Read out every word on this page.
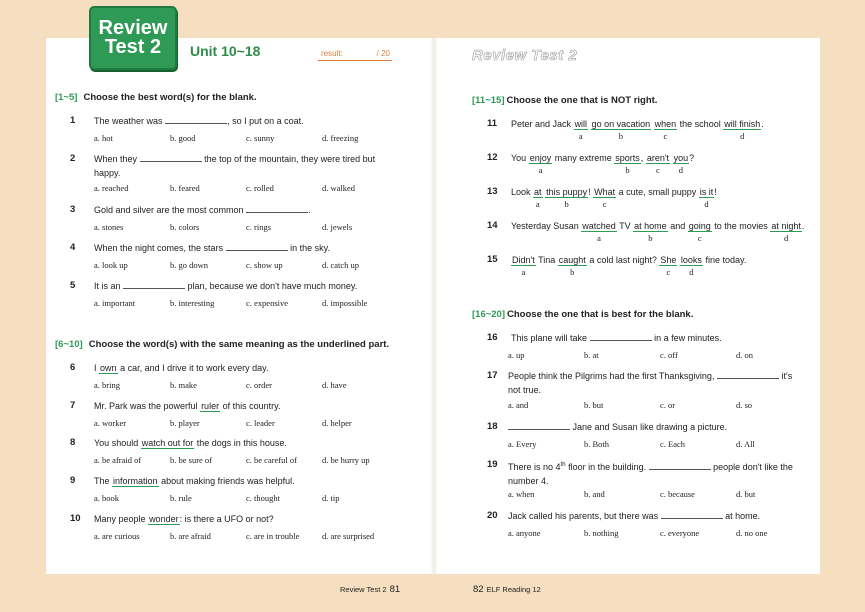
Review
Test 2	Unit 10~18	result:	/ 20	Review Test 2
[1~5] Choose the best word(s) for the blank.
1	The weather was	, so I put on a coat.
a. hot	b. good	c. sunny	d. freezing
2	When they	the top of the mountain, they were tired but
happy.
a. reached	b. feared	c. rolled	d. walked
3	Gold and silver are the most common	.
a. stones	b. colors	c. rings	d. jewels
4	When the night comes, the stars	in the sky.
a. look up	b. go down	c. show up	d. catch up
5	It is an	plan, because we don't have much money.
a. important	b. interesting	c. expensive	d. impossible
[6~10] Choose the word(s) with the same meaning as the underlined part.
6	I own a car, and I drive it to work every day.
a. bring	b. make	c. order	d. have
7	Mr. Park was the powerful ruler of this country.
a. worker	b. player	c. leader	d. helper
8	You should watch out for the dogs in this house.
a. be afraid of	b. be sure of	c. be careful of	d. be hurry up
9	The information about making friends was helpful.
a. book	b. rule	c. thought	d. tip
10	Many people wonder: is there a UFO or not?
a. are curious	b. are afraid	c. are in trouble	d. are surprised
[11~15] Choose the one that is NOT right.
11	Peter and Jack will
a
go on vacation
b
when
c
the school will finish
d
.
12	You enjoy
a
many extreme sports
b
, aren't
c
you
d
?
13	Look $\frac{at}{a}$ this puppy
b
! What
c
a cute, small puppy $\frac{\text{is it}}{d}$ !
14	Yesterday Susan watched
a
TV at home
b
and going
c
to the movies at night
d
.
15	Didn't
a
Tina caught
b
a cold last night? She
c
looks
d
fine today.
[16~20] Choose the one that is best for the blank.
16	This plane will take	in a few minutes.
a. up	b. at	c. off	d. on
17	People think the Pilgrims had the first Thanksgiving,	it's
not true.
a. and	b. but	c. or	d. so
18	Jane and Susan like drawing a picture.
a. Every	b. Both	c. Each	d. All
19	There is no 4th floor in the building.	people don't like the
number 4.
a. when	b. and	c. because	d. but
20	Jack called his parents, but there was	at home.
a. anyone	b. nothing	c. everyone	d. no one
Review Test 2 81	82 ELF Reading 12
